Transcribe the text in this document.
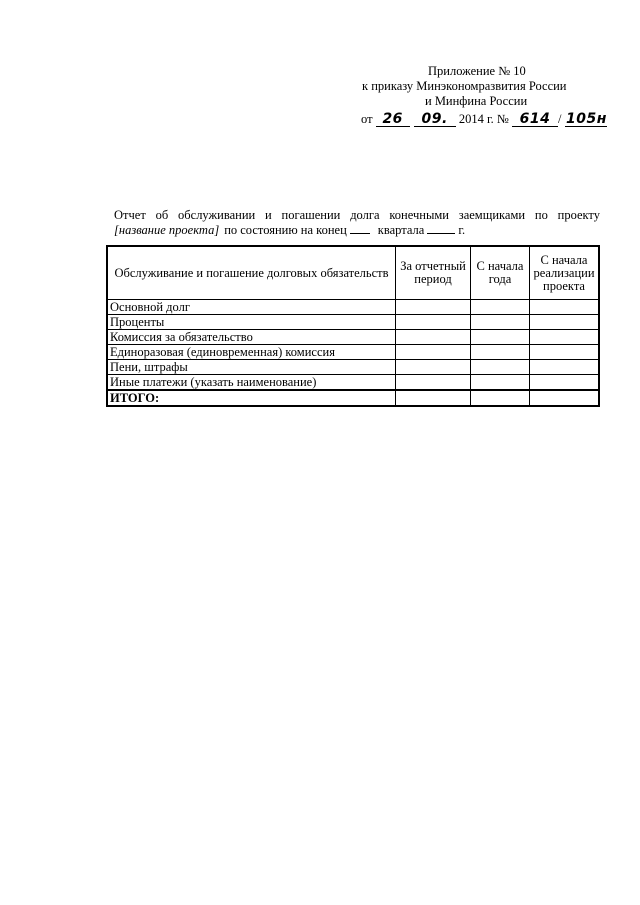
Приложение № 10
к приказу Минэкономразвития России
и Минфина России
от 26 09. 2014 г. № 614 / 105н
Отчет об обслуживании и погашении долга конечными заемщиками по проекту
[название проекта] по состоянию на конец квартала	г.
Обслуживание и погашение долговых обязательств	За отчетный период	С начала года	С начала реализации проекта
Основной долг			
Проценты			
Комиссия за обязательство			
Единоразовая (единовременная) комиссия			
Пени, штрафы			
Иные платежи (указать наименование)			
ИТОГО:			
